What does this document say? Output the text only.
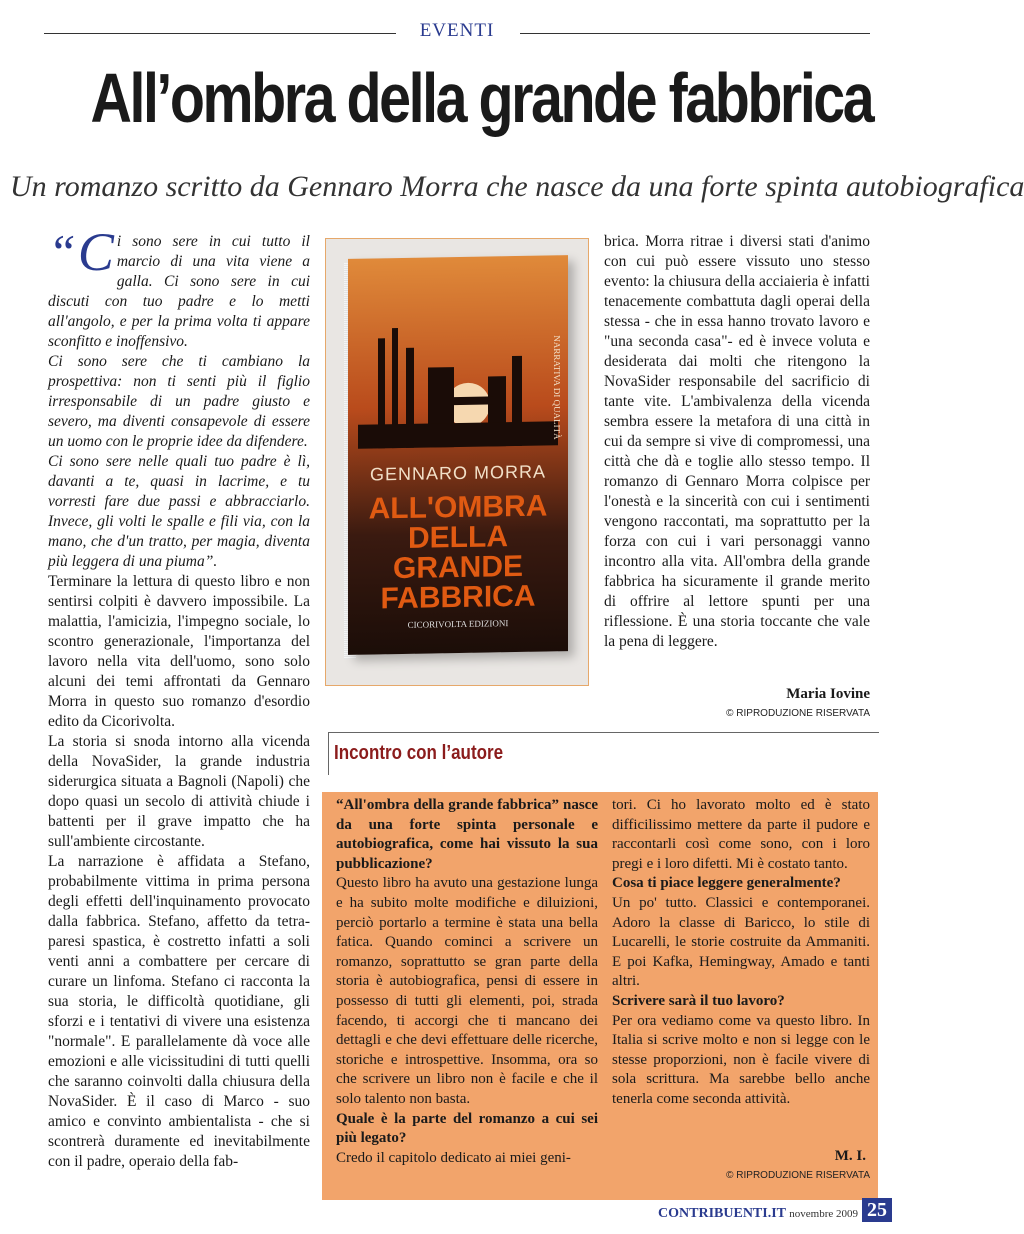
EVENTI
All’ombra della grande fabbrica
Un romanzo scritto da Gennaro Morra che nasce da una forte spinta autobiografica

“ C i sono sere in cui tutto il marcio di una vita viene a galla. Ci sono sere in cui discuti con tuo padre e lo metti all'angolo, e per la prima volta ti appare sconfitto e inoffensivo.

Ci sono sere che ti cambiano la prospettiva: non ti senti più il figlio irresponsabile di un padre giusto e severo, ma diventi consapevole di essere un uomo con le proprie idee da difendere.

Ci sono sere nelle quali tuo padre è lì, davanti a te, quasi in lacrime, e tu vorresti fare due passi e abbracciarlo. Invece, gli volti le spalle e fili via, con la mano, che d'un tratto, per magia, diventa più leggera di una piuma”.

Terminare la lettura di questo libro e non sentirsi colpiti è davvero impossibile. La malattia, l'amicizia, l'impegno sociale, lo scontro generazionale, l'importanza del lavoro nella vita dell'uomo, sono solo alcuni dei temi affrontati da Gennaro Morra in questo suo romanzo d'esordio edito da Cicorivolta.

La storia si snoda intorno alla vicenda della NovaSider, la grande industria siderurgica situata a Bagnoli (Napoli) che dopo quasi un secolo di attività chiude i battenti per il grave impatto che ha sull'ambiente circostante.

La narrazione è affidata a Stefano, probabilmente vittima in prima persona degli effetti dell'inquinamento provocato dalla fabbrica. Stefano, affetto da tetra-paresi spastica, è costretto infatti a soli venti anni a combattere per cercare di curare un linfoma. Stefano ci racconta la sua storia, le difficoltà quotidiane, gli sforzi e i tentativi di vivere una esistenza "normale". E parallelamente dà voce alle emozioni e alle vicissitudini di tutti quelli che saranno coinvolti dalla chiusura della NovaSider. È il caso di Marco - suo amico e convinto ambientalista - che si scontrerà duramente ed inevitabilmente con il padre, operaio della fab-

GENNARO MORRA
ALL'OMBRA
DELLA GRANDE
FABBRICA
NARRATIVA DI QUALITÀ
CICORIVOLTA EDIZIONI

brica. Morra ritrae i diversi stati d'animo con cui può essere vissuto uno stesso evento: la chiusura della acciaieria è infatti tenacemente combattuta dagli operai della stessa - che in essa hanno trovato lavoro e "una seconda casa"- ed è invece voluta e desiderata dai molti che ritengono la NovaSider responsabile del sacrificio di tante vite. L'ambivalenza della vicenda sembra essere la metafora di una città in cui da sempre si vive di compromessi, una città che dà e toglie allo stesso tempo. Il romanzo di Gennaro Morra colpisce per l'onestà e la sincerità con cui i sentimenti vengono raccontati, ma soprattutto per la forza con cui i vari personaggi vanno incontro alla vita. All'ombra della grande fabbrica ha sicuramente il grande merito di offrire al lettore spunti per una riflessione. È una storia toccante che vale la pena di leggere.

Maria Iovine
© RIPRODUZIONE RISERVATA
Incontro con l’autore

“All'ombra della grande fabbrica” nasce da una forte spinta personale e autobiografica, come hai vissuto la sua pubblicazione?

Questo libro ha avuto una gestazione lunga e ha subito molte modifiche e diluizioni, perciò portarlo a termine è stata una bella fatica. Quando cominci a scrivere un romanzo, soprattutto se gran parte della storia è autobiografica, pensi di essere in possesso di tutti gli elementi, poi, strada facendo, ti accorgi che ti mancano dei dettagli e che devi effettuare delle ricerche, storiche e introspettive. Insomma, ora so che scrivere un libro non è facile e che il solo talento non basta.

Quale è la parte del romanzo a cui sei più legato?

Credo il capitolo dedicato ai miei geni-

tori. Ci ho lavorato molto ed è stato difficilissimo mettere da parte il pudore e raccontarli così come sono, con i loro pregi e i loro difetti. Mi è costato tanto.

Cosa ti piace leggere generalmente?

Un po' tutto. Classici e contemporanei. Adoro la classe di Baricco, lo stile di Lucarelli, le storie costruite da Ammaniti. E poi Kafka, Hemingway, Amado e tanti altri.

Scrivere sarà il tuo lavoro?

Per ora vediamo come va questo libro. In Italia si scrive molto e non si legge con le stesse proporzioni, non è facile vivere di sola scrittura. Ma sarebbe bello anche tenerla come seconda attività.

M. I.
© RIPRODUZIONE RISERVATA
CONTRIBUENTI.IT novembre 2009 25
